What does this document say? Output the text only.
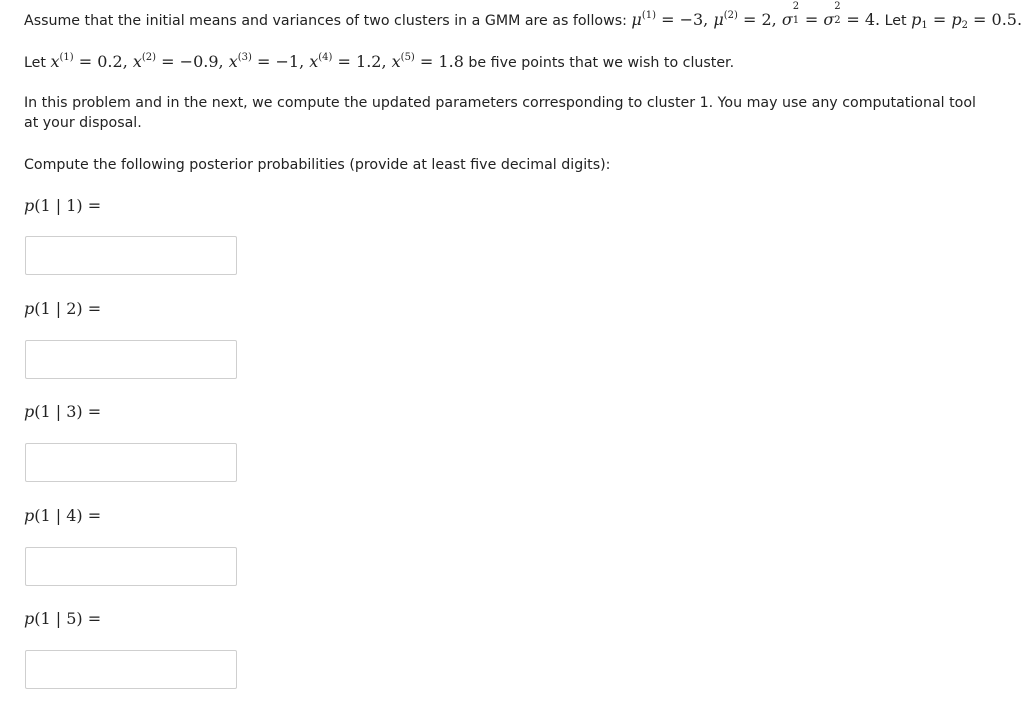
Assume that the initial means and variances of two clusters in a GMM are as follows: $\mu^{(1)} = -3$, $\mu^{(2)} = 2$, σ
2
1 = σ
2
2 = 4. Let $p_1 = p_2 = 0.5$.
Let $x^{(1)} = 0.2$, $x^{(2)} = -0.9$, $x^{(3)} = -1$, $x^{(4)} = 1.2$, $x^{(5)} = 1.8$ be five points that we wish to cluster.
In this problem and in the next, we compute the updated parameters corresponding to cluster 1. You may use any computational tool at your disposal.
Compute the following posterior probabilities (provide at least five decimal digits):
p(1 | 1) =
p(1 | 2) =
p(1 | 3) =
p(1 | 4) =
p(1 | 5) =
